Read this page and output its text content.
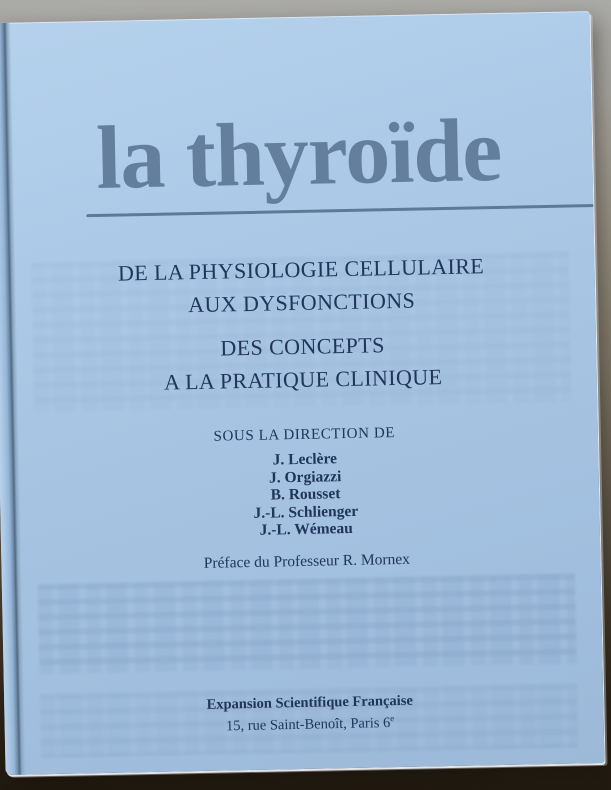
la thyroïde
DE LA PHYSIOLOGIE CELLULAIRE
AUX DYSFONCTIONS
DES CONCEPTS
A LA PRATIQUE CLINIQUE
SOUS LA DIRECTION DE
J. Leclère
J. Orgiazzi
B. Rousset
J.-L. Schlienger
J.-L. Wémeau
Préface du Professeur R. Mornex
Expansion Scientifique Française
15, rue Saint-Benoît, Paris 6e
